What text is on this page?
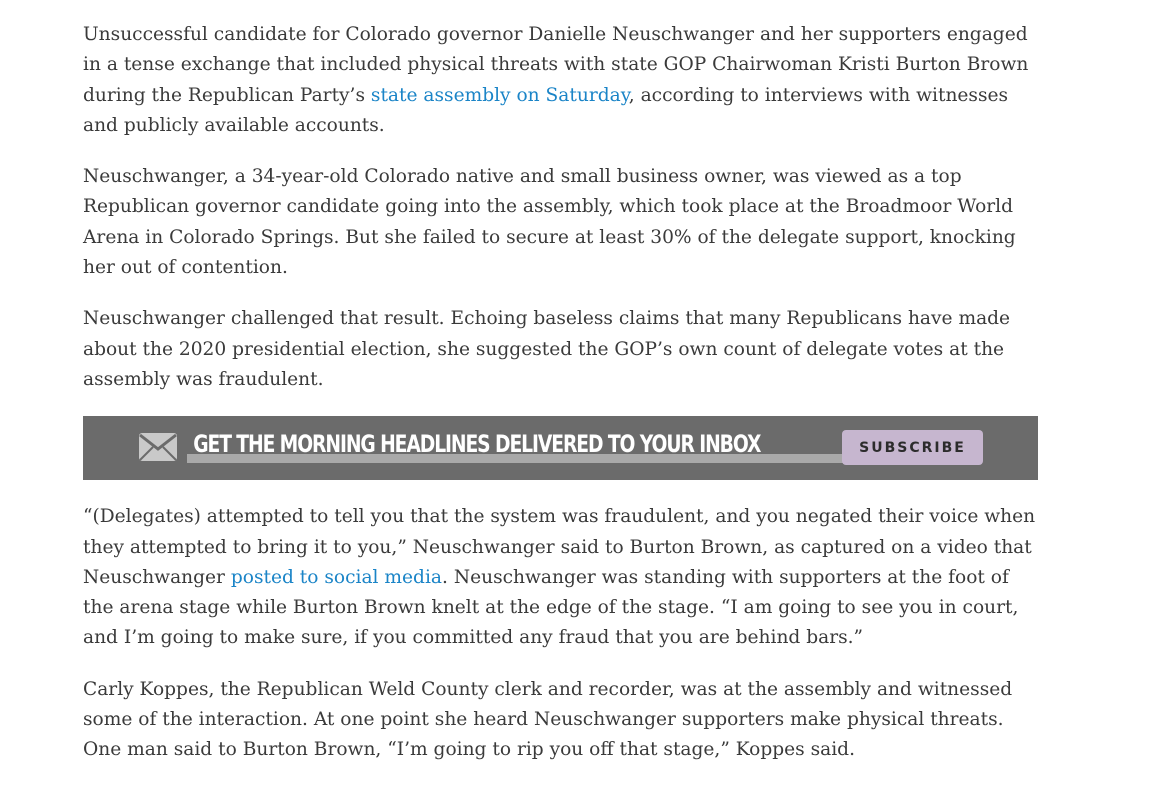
Unsuccessful candidate for Colorado governor Danielle Neuschwanger and her supporters engaged in a tense exchange that included physical threats with state GOP Chairwoman Kristi Burton Brown during the Republican Party’s state assembly on Saturday, according to interviews with witnesses and publicly available accounts.

Neuschwanger, a 34-year-old Colorado native and small business owner, was viewed as a top Republican governor candidate going into the assembly, which took place at the Broadmoor World Arena in Colorado Springs. But she failed to secure at least 30% of the delegate support, knocking her out of contention.

Neuschwanger challenged that result. Echoing baseless claims that many Republicans have made about the 2020 presidential election, she suggested the GOP’s own count of delegate votes at the assembly was fraudulent.

GET THE MORNING HEADLINES DELIVERED TO YOUR INBOX	SUBSCRIBE

“(Delegates) attempted to tell you that the system was fraudulent, and you negated their voice when they attempted to bring it to you,” Neuschwanger said to Burton Brown, as captured on a video that Neuschwanger posted to social media. Neuschwanger was standing with supporters at the foot of the arena stage while Burton Brown knelt at the edge of the stage. “I am going to see you in court, and I’m going to make sure, if you committed any fraud that you are behind bars.”

Carly Koppes, the Republican Weld County clerk and recorder, was at the assembly and witnessed some of the interaction. At one point she heard Neuschwanger supporters make physical threats. One man said to Burton Brown, “I’m going to rip you off that stage,” Koppes said.
